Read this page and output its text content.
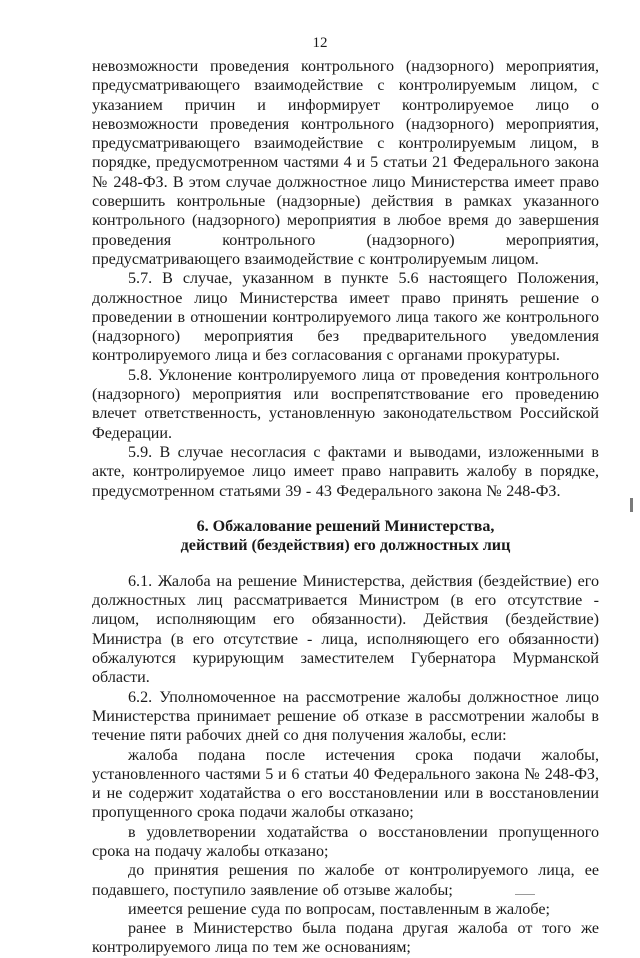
12

невозможности проведения контрольного (надзорного) мероприятия, предусматривающего взаимодействие с контролируемым лицом, с указанием причин и информирует контролируемое лицо о невозможности проведения контрольного (надзорного) мероприятия, предусматривающего взаимодействие с контролируемым лицом, в порядке, предусмотренном частями 4 и 5 статьи 21 Федерального закона № 248-ФЗ. В этом случае должностное лицо Министерства имеет право совершить контрольные (надзорные) действия в рамках указанного контрольного (надзорного) мероприятия в любое время до завершения проведения контрольного (надзорного) мероприятия, предусматривающего взаимодействие с контролируемым лицом.

5.7. В случае, указанном в пункте 5.6 настоящего Положения, должностное лицо Министерства имеет право принять решение о проведении в отношении контролируемого лица такого же контрольного (надзорного) мероприятия без предварительного уведомления контролируемого лица и без согласования с органами прокуратуры.

5.8. Уклонение контролируемого лица от проведения контрольного (надзорного) мероприятия или воспрепятствование его проведению влечет ответственность, установленную законодательством Российской Федерации.

5.9. В случае несогласия с фактами и выводами, изложенными в акте, контролируемое лицо имеет право направить жалобу в порядке, предусмотренном статьями 39 - 43 Федерального закона № 248-ФЗ.

6. Обжалование решений Министерства,
действий (бездействия) его должностных лиц

6.1. Жалоба на решение Министерства, действия (бездействие) его должностных лиц рассматривается Министром (в его отсутствие - лицом, исполняющим его обязанности). Действия (бездействие) Министра (в его отсутствие - лица, исполняющего его обязанности) обжалуются курирующим заместителем Губернатора Мурманской области.

6.2. Уполномоченное на рассмотрение жалобы должностное лицо Министерства принимает решение об отказе в рассмотрении жалобы в течение пяти рабочих дней со дня получения жалобы, если:

жалоба подана после истечения срока подачи жалобы, установленного частями 5 и 6 статьи 40 Федерального закона № 248-ФЗ, и не содержит ходатайства о его восстановлении или в восстановлении пропущенного срока подачи жалобы отказано;

в удовлетворении ходатайства о восстановлении пропущенного срока на подачу жалобы отказано;

до принятия решения по жалобе от контролируемого лица, ее подавшего, поступило заявление об отзыве жалобы;

имеется решение суда по вопросам, поставленным в жалобе;

ранее в Министерство была подана другая жалоба от того же контролируемого лица по тем же основаниям;
